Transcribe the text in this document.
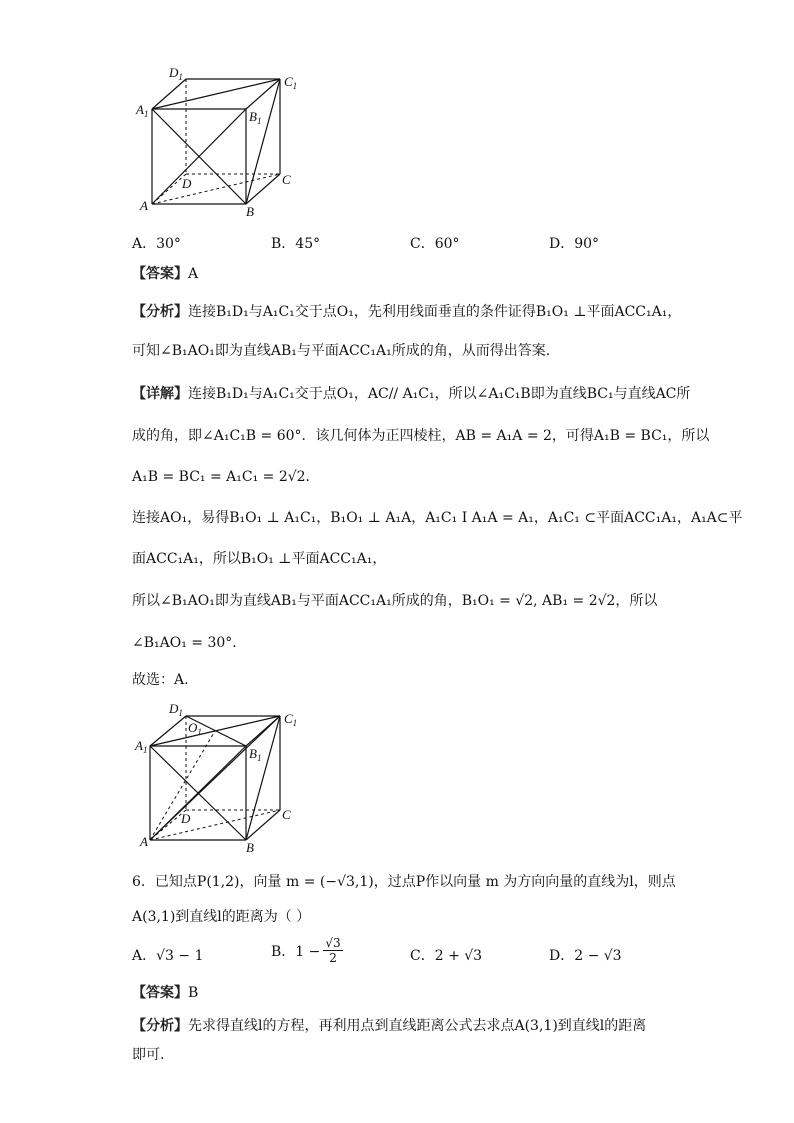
$D_1$	$C_1$
$A_1$	$B_1$
D	C
A	B
A．30°	B．45°	C．60°	D．90°
【答案】A
【分析】连接B₁D₁与A₁C₁交于点O₁，先利用线面垂直的条件证得B₁O₁ ⊥平面ACC₁A₁，
可知∠B₁AO₁即为直线AB₁与平面ACC₁A₁所成的角，从而得出答案.
【详解】连接B₁D₁与A₁C₁交于点O₁，AC// A₁C₁，所以∠A₁C₁B即为直线BC₁与直线AC所
成的角，即∠A₁C₁B = 60°．该几何体为正四棱柱，AB = A₁A = 2，可得A₁B = BC₁，所以
A₁B = BC₁ = A₁C₁ = 2√2．
连接AO₁，易得B₁O₁ ⊥ A₁C₁，B₁O₁ ⊥ A₁A，A₁C₁ I A₁A = A₁，A₁C₁ ⊂平面ACC₁A₁，A₁A⊂平
面ACC₁A₁，所以B₁O₁ ⊥平面ACC₁A₁，
所以∠B₁AO₁即为直线AB₁与平面ACC₁A₁所成的角，B₁O₁ = √2, AB₁ = 2√2，所以
∠B₁AO₁ = 30°．
故选：A.
$D_1$
$O_1$
$C_1$
$A_1$	$B_1$
D	C
A	B
6．已知点P(1,2)，向量 m = (−√3,1)，过点P作以向量 m 为方向向量的直线为l，则点
A(3,1)到直线l的距离为（ ）
A．√3 − 1	B．$1 - \frac{√3}{2}$	C．2 + √3	D．2 − √3
【答案】B
【分析】先求得直线l的方程，再利用点到直线距离公式去求点A(3,1)到直线l的距离
即可.
